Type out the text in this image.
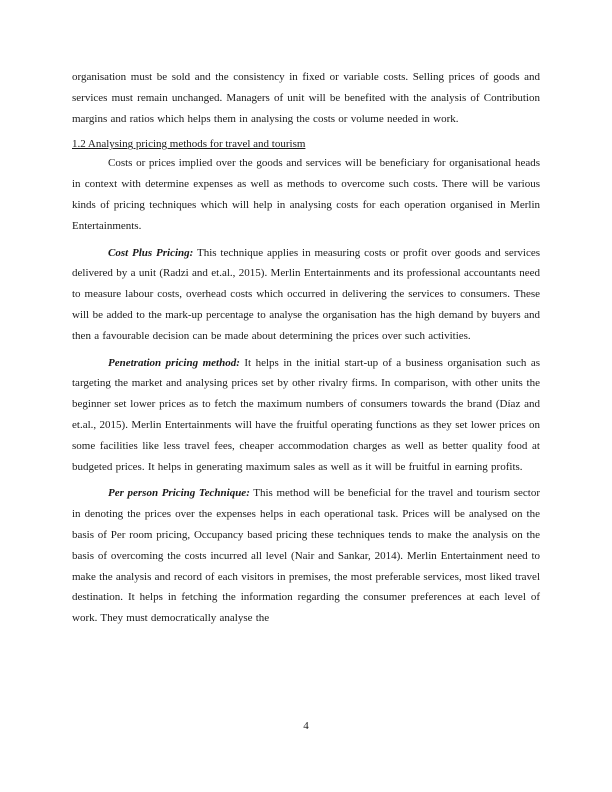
organisation must be sold and the consistency in fixed or variable costs. Selling prices of goods and services must remain unchanged. Managers of unit will be benefited with the analysis of Contribution margins and ratios which helps them in analysing the costs or volume needed in work.

1.2 Analysing pricing methods for travel and tourism

Costs or prices implied over the goods and services will be beneficiary for organisational heads in context with determine expenses as well as methods to overcome such costs. There will be various kinds of pricing techniques which will help in analysing costs for each operation organised in Merlin Entertainments.

Cost Plus Pricing: This technique applies in measuring costs or profit over goods and services delivered by a unit (Radzi and et.al., 2015). Merlin Entertainments and its professional accountants need to measure labour costs, overhead costs which occurred in delivering the services to consumers. These will be added to the mark-up percentage to analyse the organisation has the high demand by buyers and then a favourable decision can be made about determining the prices over such activities.

Penetration pricing method: It helps in the initial start-up of a business organisation such as targeting the market and analysing prices set by other rivalry firms. In comparison, with other units the beginner set lower prices as to fetch the maximum numbers of consumers towards the brand (Díaz and et.al., 2015). Merlin Entertainments will have the fruitful operating functions as they set lower prices on some facilities like less travel fees, cheaper accommodation charges as well as better quality food at budgeted prices. It helps in generating maximum sales as well as it will be fruitful in earning profits.

Per person Pricing Technique: This method will be beneficial for the travel and tourism sector in denoting the prices over the expenses helps in each operational task. Prices will be analysed on the basis of Per room pricing, Occupancy based pricing these techniques tends to make the analysis on the basis of overcoming the costs incurred all level (Nair and Sankar, 2014). Merlin Entertainment need to make the analysis and record of each visitors in premises, the most preferable services, most liked travel destination. It helps in fetching the information regarding the consumer preferences at each level of work. They must democratically analyse the

4
